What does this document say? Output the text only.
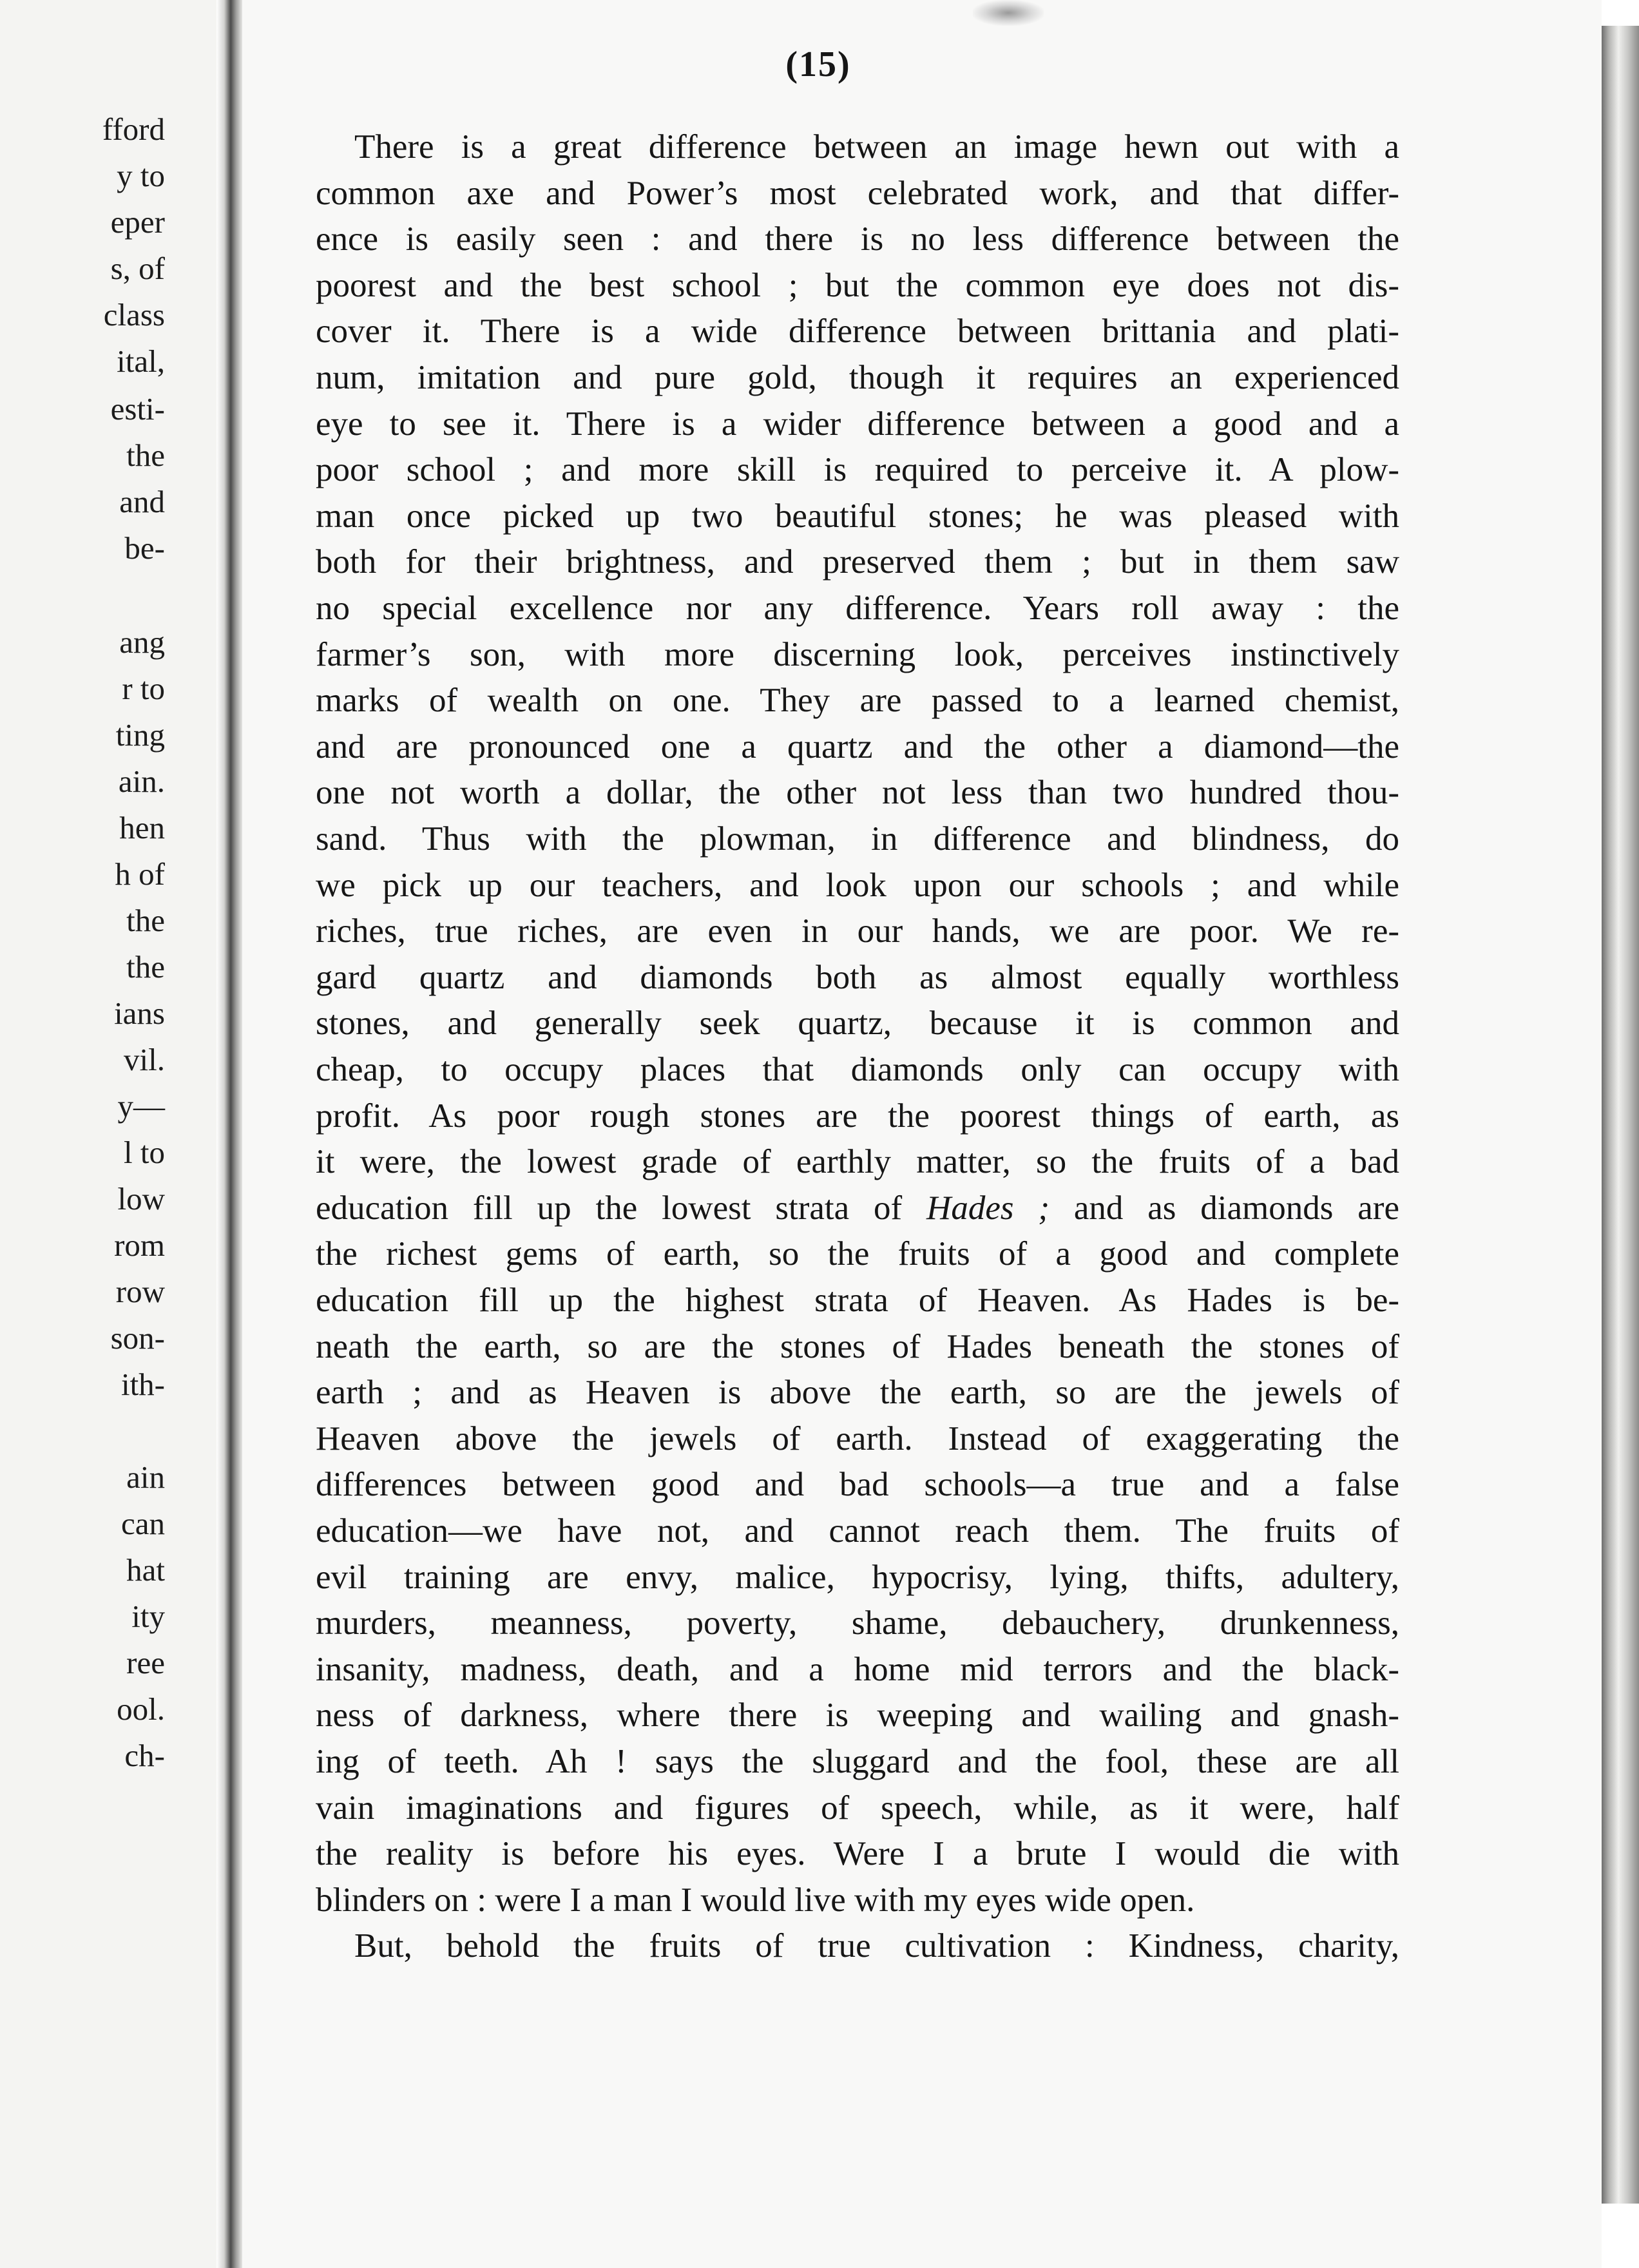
fford
y to
eper
s, of
class
ital,
esti-
the
and
be-
ang
r to
ting
ain.
hen
h of
the
the
ians
vil.
y—
l to
low
rom
row
son-
ith-
ain
can
hat
ity
ree
ool.
ch-
(15)
There is a great difference between an image hewn out with a
common axe and Power’s most celebrated work, and that differ-
ence is easily seen : and there is no less difference between the
poorest and the best school ; but the common eye does not dis-
cover it. There is a wide difference between brittania and plati-
num, imitation and pure gold, though it requires an experienced
eye to see it. There is a wider difference between a good and a
poor school ; and more skill is required to perceive it. A plow-
man once picked up two beautiful stones; he was pleased with
both for their brightness, and preserved them ; but in them saw
no special excellence nor any difference. Years roll away : the
farmer’s son, with more discerning look, perceives instinctively
marks of wealth on one. They are passed to a learned chemist,
and are pronounced one a quartz and the other a diamond—the
one not worth a dollar, the other not less than two hundred thou-
sand. Thus with the plowman, in difference and blindness, do
we pick up our teachers, and look upon our schools ; and while
riches, true riches, are even in our hands, we are poor. We re-
gard quartz and diamonds both as almost equally worthless
stones, and generally seek quartz, because it is common and
cheap, to occupy places that diamonds only can occupy with
profit. As poor rough stones are the poorest things of earth, as
it were, the lowest grade of earthly matter, so the fruits of a bad
education fill up the lowest strata of Hades ; and as diamonds are
the richest gems of earth, so the fruits of a good and complete
education fill up the highest strata of Heaven. As Hades is be-
neath the earth, so are the stones of Hades beneath the stones of
earth ; and as Heaven is above the earth, so are the jewels of
Heaven above the jewels of earth. Instead of exaggerating the
differences between good and bad schools—a true and a false
education—we have not, and cannot reach them. The fruits of
evil training are envy, malice, hypocrisy, lying, thifts, adultery,
murders, meanness, poverty, shame, debauchery, drunkenness,
insanity, madness, death, and a home mid terrors and the black-
ness of darkness, where there is weeping and wailing and gnash-
ing of teeth. Ah ! says the sluggard and the fool, these are all
vain imaginations and figures of speech, while, as it were, half
the reality is before his eyes. Were I a brute I would die with
blinders on : were I a man I would live with my eyes wide open.
But, behold the fruits of true cultivation : Kindness, charity,
